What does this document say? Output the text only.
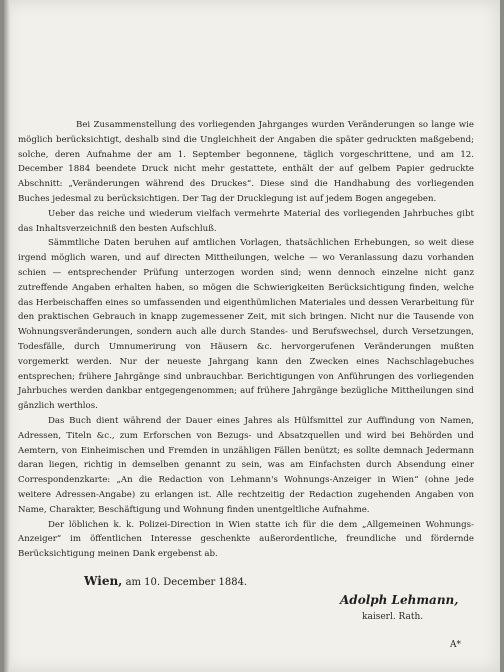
Bei Zusammenstellung des vorliegenden Jahrganges wurden Veränderungen so lange wie möglich berücksichtigt, deshalb sind die Ungleichheit der Angaben die später gedruckten maßgebend; solche, deren Aufnahme der am 1. September begonnene, täglich vorgeschrittene, und am 12. December 1884 beendete Druck nicht mehr gestattete, enthält der auf gelbem Papier gedruckte Abschnitt: „Veränderungen während des Druckes“. Diese sind die Handhabung des vorliegenden Buches jedesmal zu berücksichtigen. Der Tag der Drucklegung ist auf jedem Bogen angegeben.

Ueber das reiche und wiederum vielfach vermehrte Material des vorliegenden Jahrbuches gibt das Inhaltsverzeichniß den besten Aufschluß.

Sämmtliche Daten beruhen auf amtlichen Vorlagen, thatsächlichen Erhebungen, so weit diese irgend möglich waren, und auf directen Mittheilungen, welche — wo Veranlassung dazu vorhanden schien — entsprechender Prüfung unterzogen worden sind; wenn dennoch einzelne nicht ganz zutreffende Angaben erhalten haben, so mögen die Schwierigkeiten Berücksichtigung finden, welche das Herbeischaffen eines so umfassenden und eigenthümlichen Materiales und dessen Verarbeitung für den praktischen Gebrauch in knapp zugemessener Zeit, mit sich bringen. Nicht nur die Tausende von Wohnungsveränderungen, sondern auch alle durch Standes- und Berufswechsel, durch Versetzungen, Todesfälle, durch Umnumerirung von Häusern &c. hervorgerufenen Veränderungen mußten vorgemerkt werden. Nur der neueste Jahrgang kann den Zwecken eines Nachschlagebuches entsprechen; frühere Jahrgänge sind unbrauchbar. Berichtigungen von Anführungen des vorliegenden Jahrbuches werden dankbar entgegengenommen; auf frühere Jahrgänge bezügliche Mittheilungen sind gänzlich werthlos.

Das Buch dient während der Dauer eines Jahres als Hülfsmittel zur Auffindung von Namen, Adressen, Titeln &c., zum Erforschen von Bezugs- und Absatzquellen und wird bei Behörden und Aemtern, von Einheimischen und Fremden in unzähligen Fällen benützt; es sollte demnach Jedermann daran liegen, richtig in demselben genannt zu sein, was am Einfachsten durch Absendung einer Correspondenzkarte: „An die Redaction von Lehmann's Wohnungs-Anzeiger in Wien“ (ohne jede weitere Adressen-Angabe) zu erlangen ist. Alle rechtzeitig der Redaction zugehenden Angaben von Name, Charakter, Beschäftigung und Wohnung finden unentgeltliche Aufnahme.

Der löblichen k. k. Polizei-Direction in Wien statte ich für die dem „Allgemeinen Wohnungs-Anzeiger“ im öffentlichen Interesse geschenkte außerordentliche, freundliche und fördernde Berücksichtigung meinen Dank ergebenst ab.

Wien, am 10. December 1884.
Adolph Lehmann,
kaiserl. Rath.
A*
